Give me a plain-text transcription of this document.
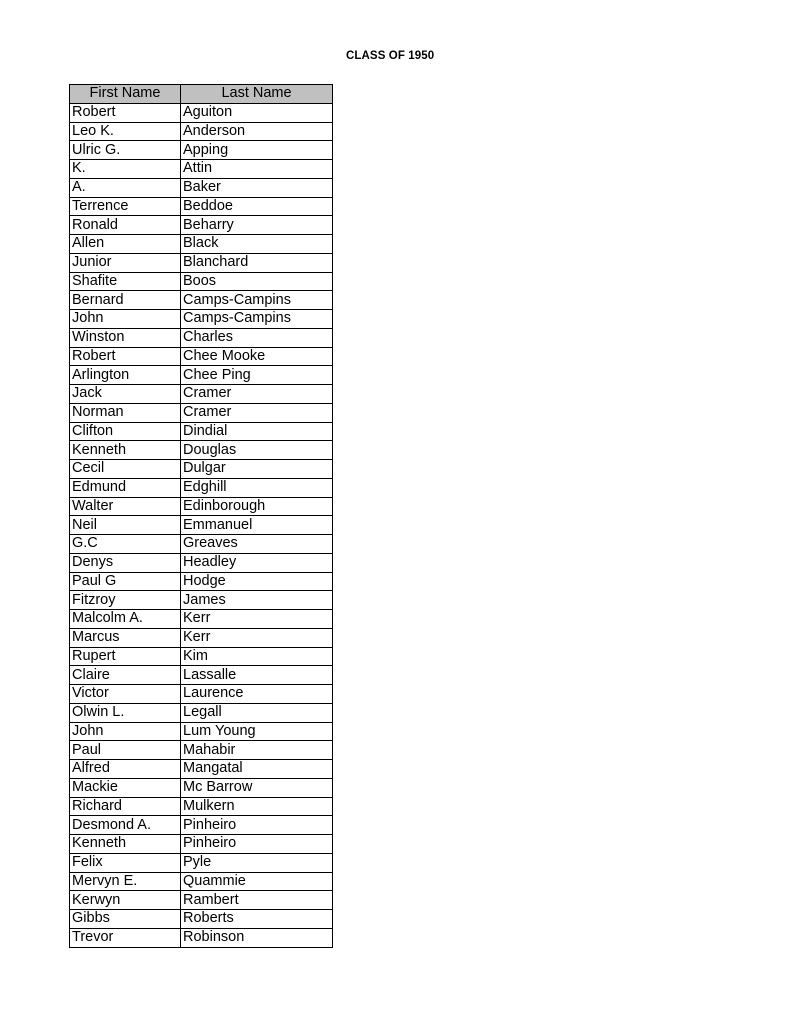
CLASS OF 1950
First Name	Last Name
Robert	Aguiton
Leo K.	Anderson
Ulric G.	Apping
K.	Attin
A.	Baker
Terrence	Beddoe
Ronald	Beharry
Allen	Black
Junior	Blanchard
Shafite	Boos
Bernard	Camps-Campins
John	Camps-Campins
Winston	Charles
Robert	Chee Mooke
Arlington	Chee Ping
Jack	Cramer
Norman	Cramer
Clifton	Dindial
Kenneth	Douglas
Cecil	Dulgar
Edmund	Edghill
Walter	Edinborough
Neil	Emmanuel
G.C	Greaves
Denys	Headley
Paul G	Hodge
Fitzroy	James
Malcolm A.	Kerr
Marcus	Kerr
Rupert	Kim
Claire	Lassalle
Victor	Laurence
Olwin L.	Legall
John	Lum Young
Paul	Mahabir
Alfred	Mangatal
Mackie	Mc Barrow
Richard	Mulkern
Desmond A.	Pinheiro
Kenneth	Pinheiro
Felix	Pyle
Mervyn E.	Quammie
Kerwyn	Rambert
Gibbs	Roberts
Trevor	Robinson
